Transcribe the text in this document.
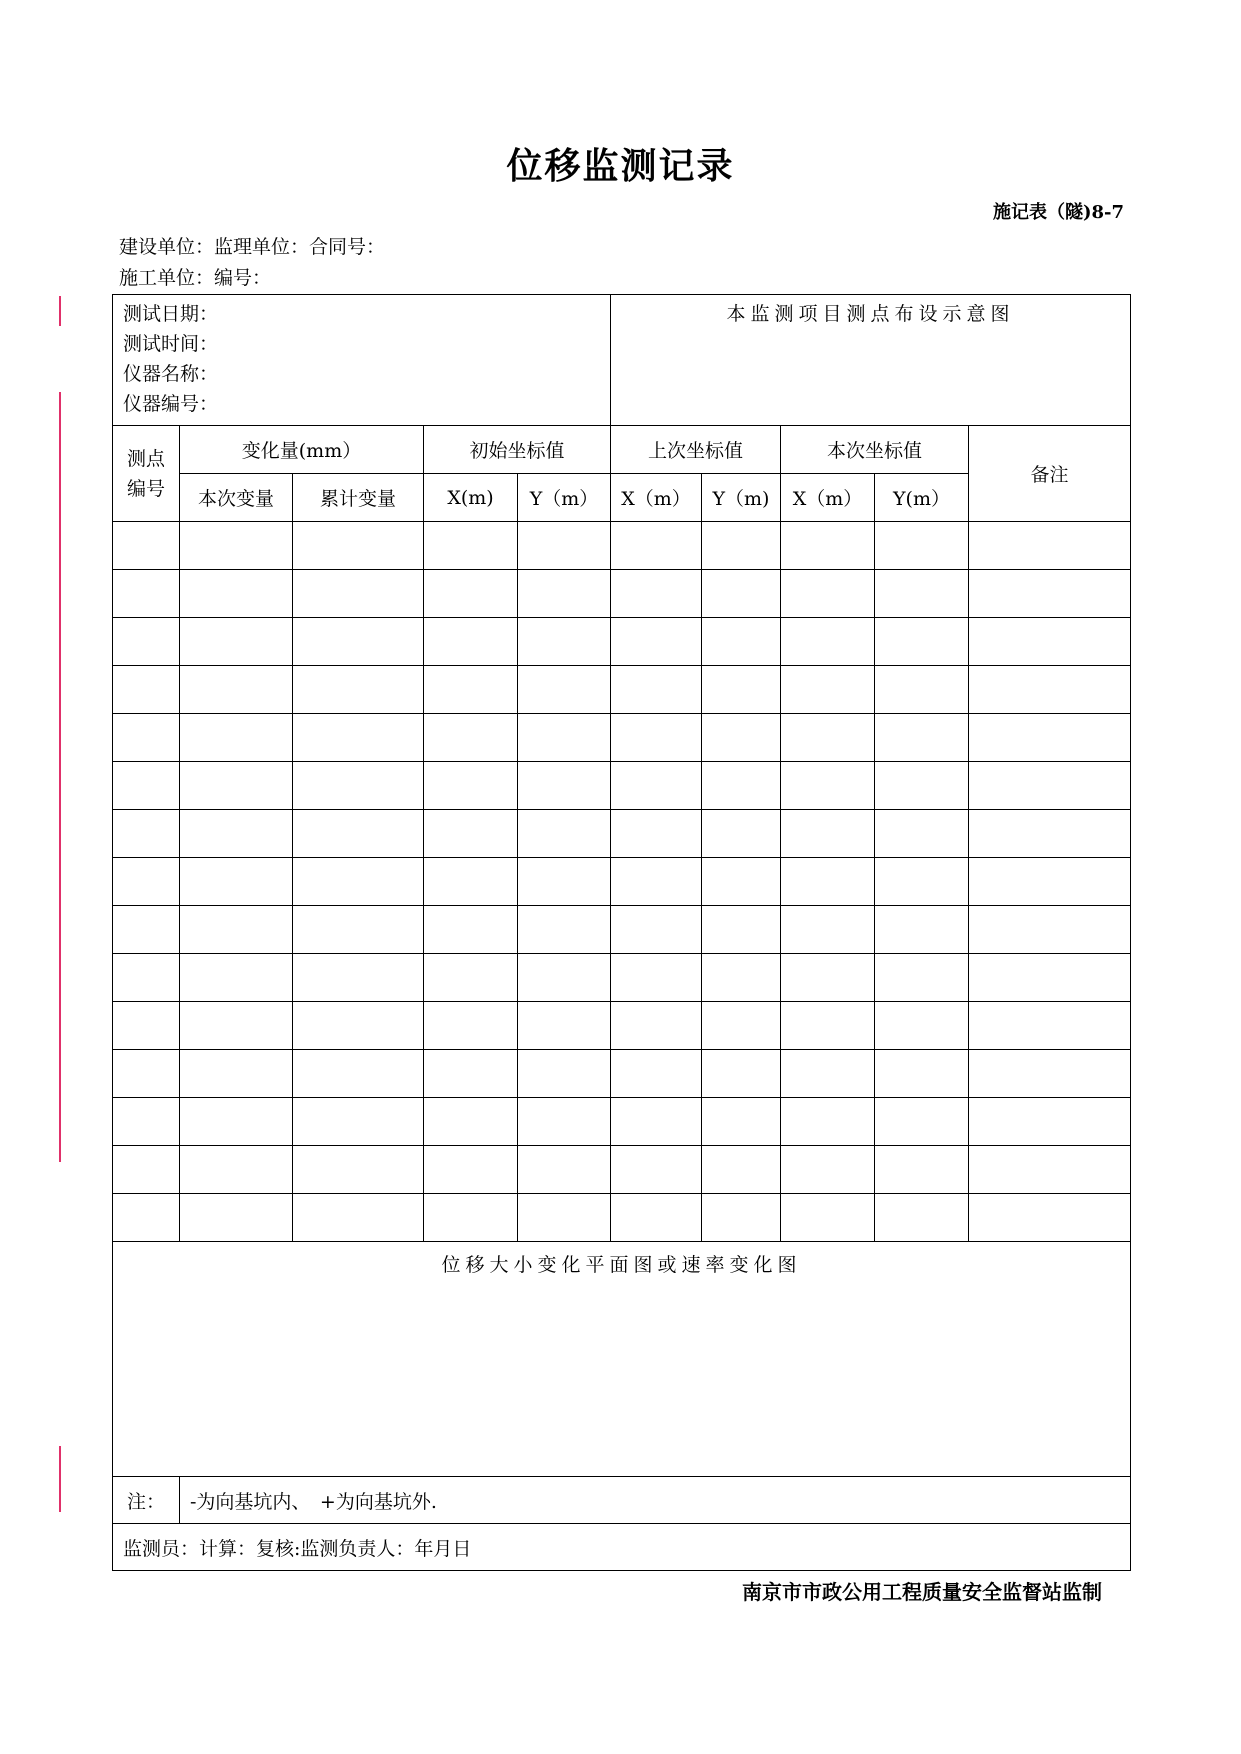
位移监测记录
施记表（隧)8-7
建设单位：监理单位：合同号：
施工单位：编号：
测试日期：
测试时间：
仪器名称：
仪器编号：					本监测项目测点布设示意图				

测点
编号	变化量(mm）		初始坐标值		上次坐标值		本次坐标值		备注
	本次变量	累计变量	X(m)	Y（m）	X（m）	Y（m)	X（m）	Y(m）	

位移大小变化平面图或速率变化图									
注：	-为向基坑内、　+为向基坑外.								
监测员：计算：复核:监测负责人：年月日									
南京市市政公用工程质量安全监督站监制
